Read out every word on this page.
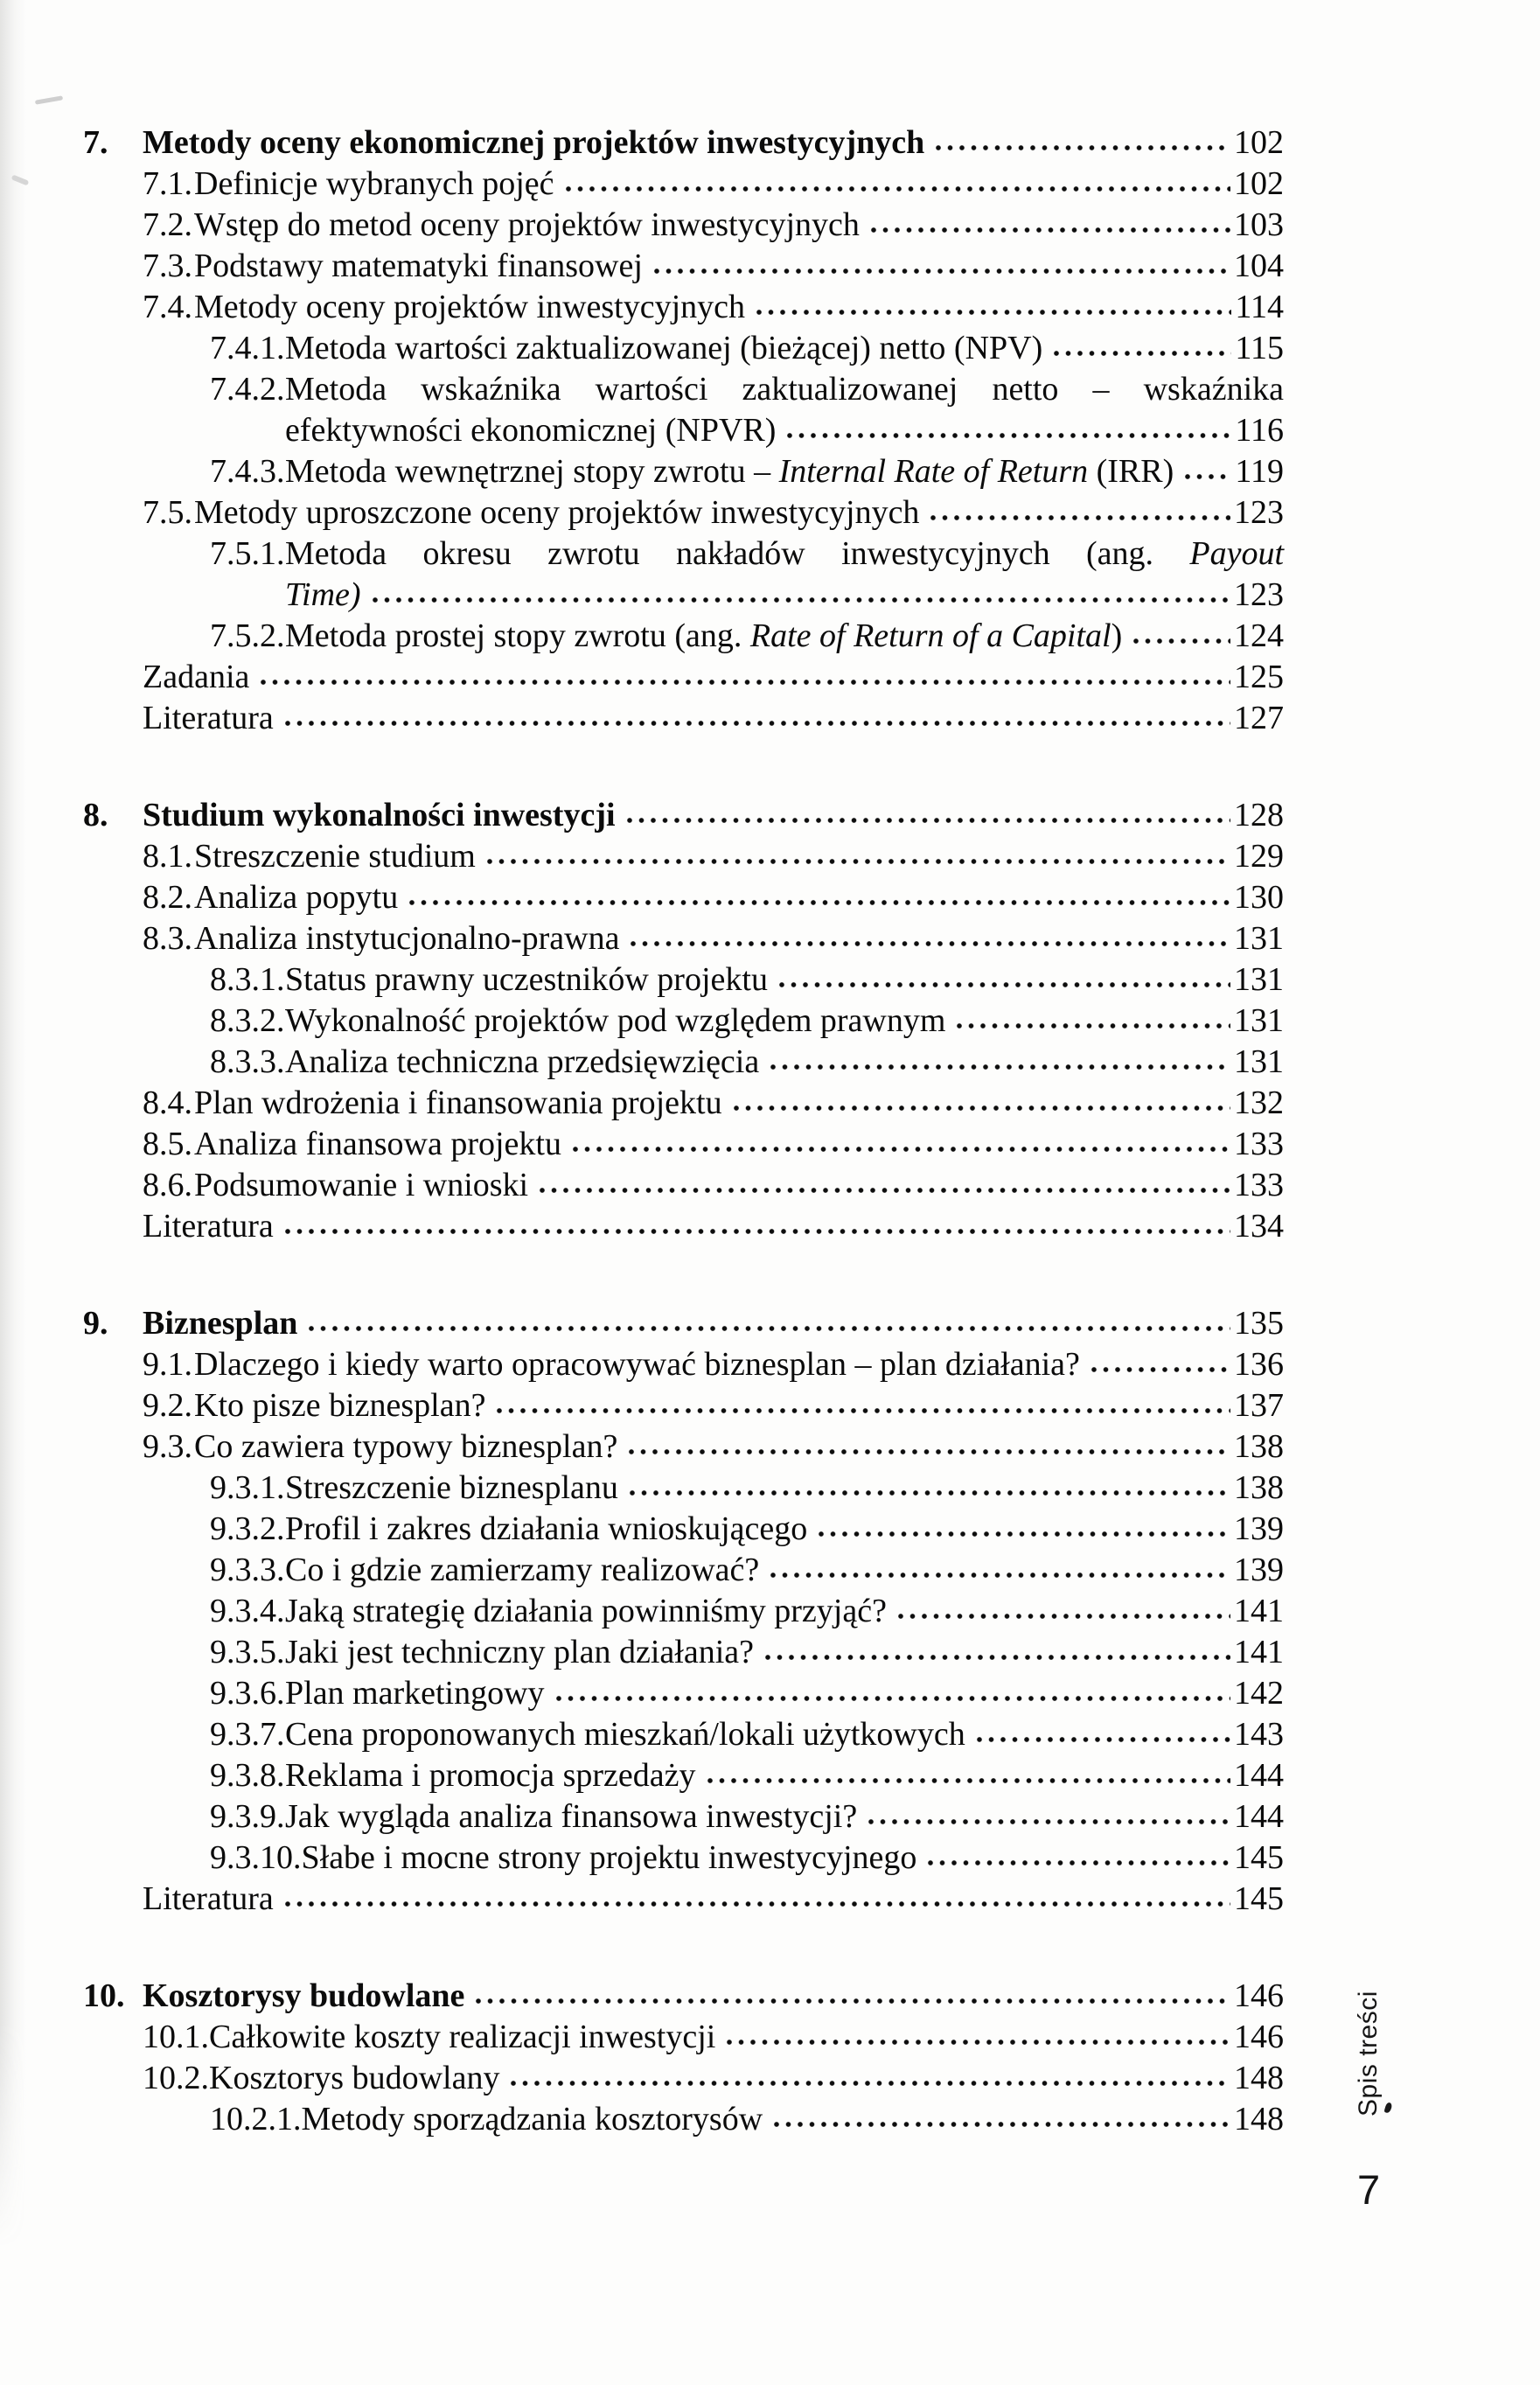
7.	Metody oceny ekonomicznej projektów inwestycyjnych	102
7.1. Definicje wybranych pojęć	102
7.2. Wstęp do metod oceny projektów inwestycyjnych	103
7.3. Podstawy matematyki finansowej	104
7.4. Metody oceny projektów inwestycyjnych	114
7.4.1. Metoda wartości zaktualizowanej (bieżącej) netto (NPV)	115
7.4.2. Metoda wskaźnika wartości zaktualizowanej netto – wskaźnika
efektywności ekonomicznej (NPVR)	116
7.4.3. Metoda wewnętrznej stopy zwrotu – Internal Rate of Return (IRR) 119
7.5. Metody uproszczone oceny projektów inwestycyjnych	123
7.5.1. Metoda okresu zwrotu nakładów inwestycyjnych (ang. Payout
Time)	123
7.5.2. Metoda prostej stopy zwrotu (ang. Rate of Return of a Capital)	124
Zadania	125
Literatura	127
8.	Studium wykonalności inwestycji	128
8.1. Streszczenie studium	129
8.2. Analiza popytu	130
8.3. Analiza instytucjonalno-prawna	131
8.3.1. Status prawny uczestników projektu	131
8.3.2. Wykonalność projektów pod względem prawnym	131
8.3.3. Analiza techniczna przedsięwzięcia	131
8.4. Plan wdrożenia i finansowania projektu	132
8.5. Analiza finansowa projektu	133
8.6. Podsumowanie i wnioski	133
Literatura	134
9.	Biznesplan	135
9.1. Dlaczego i kiedy warto opracowywać biznesplan – plan działania?	136
9.2. Kto pisze biznesplan?	137
9.3. Co zawiera typowy biznesplan?	138
9.3.1. Streszczenie biznesplanu	138
9.3.2. Profil i zakres działania wnioskującego	139
9.3.3. Co i gdzie zamierzamy realizować?	139
9.3.4. Jaką strategię działania powinniśmy przyjąć?	141
9.3.5. Jaki jest techniczny plan działania?	141
9.3.6. Plan marketingowy	142
9.3.7. Cena proponowanych mieszkań/lokali użytkowych	143
9.3.8. Reklama i promocja sprzedaży	144
9.3.9. Jak wygląda analiza finansowa inwestycji?	144
9.3.10. Słabe i mocne strony projektu inwestycyjnego	145
Literatura	145
10. Kosztorysy budowlane	146
10.1. Całkowite koszty realizacji inwestycji	146
10.2. Kosztorys budowlany	148
10.2.1. Metody sporządzania kosztorysów	148
Spis treści
7
